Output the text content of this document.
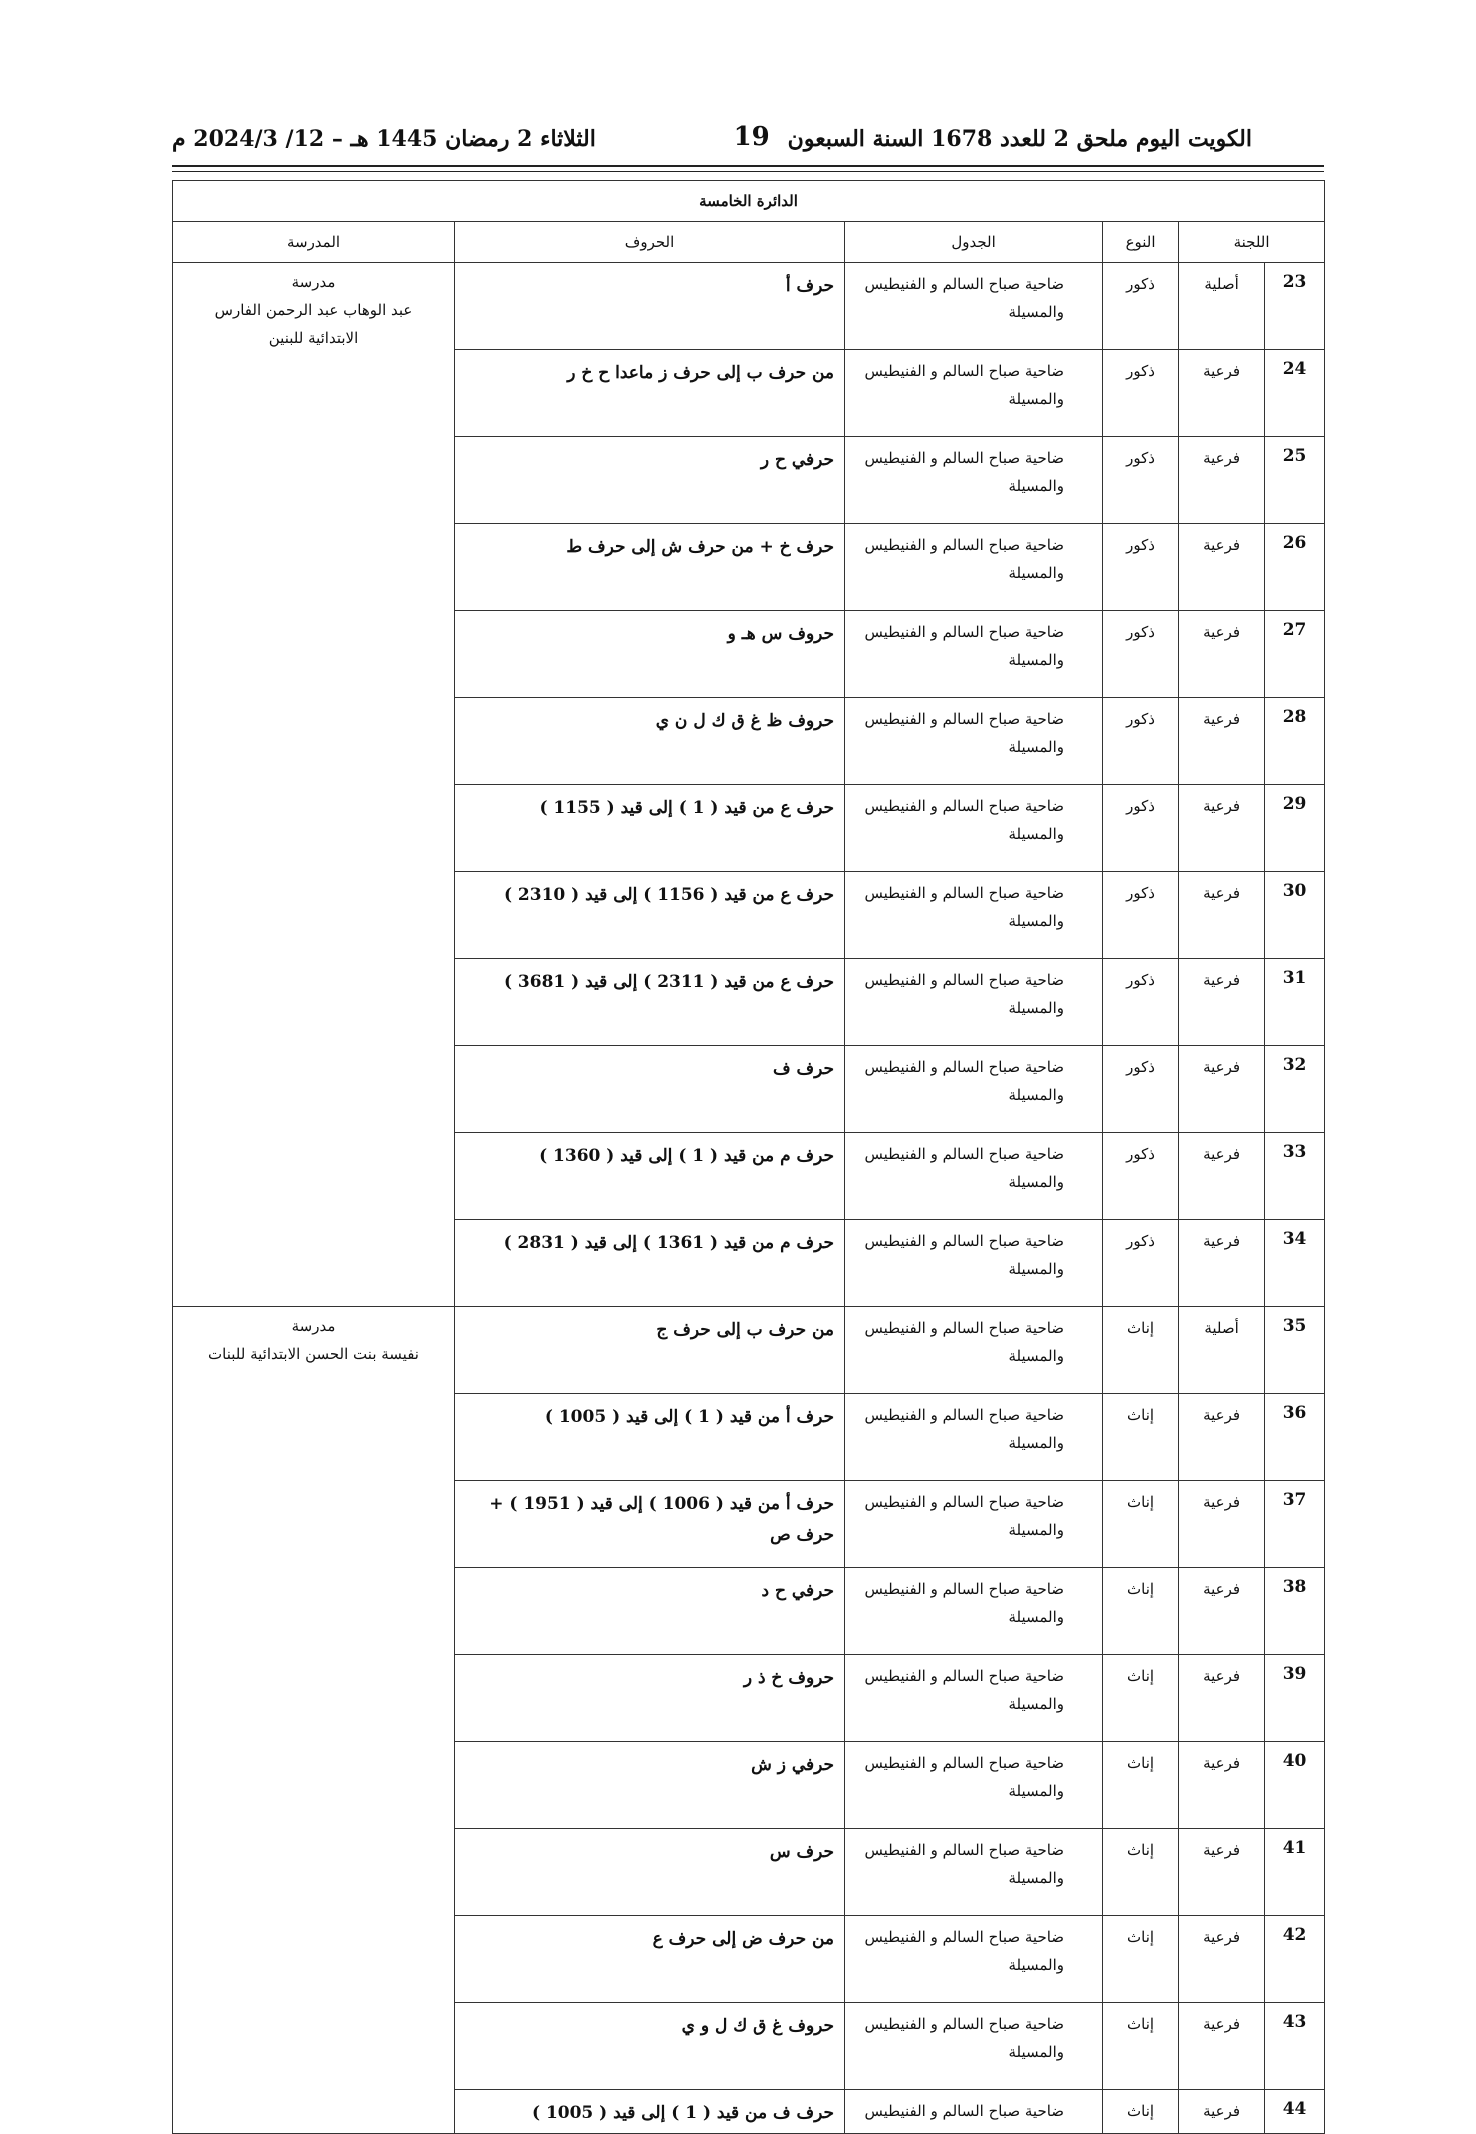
الكويت اليوم ملحق 2 للعدد 1678 السنة السبعون
19
الثلاثاء 2 رمضان 1445 هـ – 12/ 2024/3 م
الدائرة الخامسة					
اللجنة		النوع	الجدول	الحروف	المدرسة
23	أصلية	ذكور	ضاحية صباح السالم و الفنيطيس
والمسيلة	حرف أ	مدرسة
عبد الوهاب عبد الرحمن الفارس
الابتدائية للبنين

24	فرعية	ذكور	ضاحية صباح السالم و الفنيطيس
والمسيلة	من حرف ب إلى حرف ز ماعدا ح خ ر	
25	فرعية	ذكور	ضاحية صباح السالم و الفنيطيس
والمسيلة	حرفي ح ر	
26	فرعية	ذكور	ضاحية صباح السالم و الفنيطيس
والمسيلة	حرف خ + من حرف ش إلى حرف ط	
27	فرعية	ذكور	ضاحية صباح السالم و الفنيطيس
والمسيلة	حروف س هـ و	
28	فرعية	ذكور	ضاحية صباح السالم و الفنيطيس
والمسيلة	حروف ظ غ ق ك ل ن ي	
29	فرعية	ذكور	ضاحية صباح السالم و الفنيطيس
والمسيلة	حرف ع من قيد ( 1 ) إلى قيد ( 1155 )	
30	فرعية	ذكور	ضاحية صباح السالم و الفنيطيس
والمسيلة	حرف ع من قيد ( 1156 ) إلى قيد ( 2310 )	
31	فرعية	ذكور	ضاحية صباح السالم و الفنيطيس
والمسيلة	حرف ع من قيد ( 2311 ) إلى قيد ( 3681 )	
32	فرعية	ذكور	ضاحية صباح السالم و الفنيطيس
والمسيلة	حرف ف	
33	فرعية	ذكور	ضاحية صباح السالم و الفنيطيس
والمسيلة	حرف م من قيد ( 1 ) إلى قيد ( 1360 )	
34	فرعية	ذكور	ضاحية صباح السالم و الفنيطيس
والمسيلة	حرف م من قيد ( 1361 ) إلى قيد ( 2831 )	
35	أصلية	إناث	ضاحية صباح السالم و الفنيطيس
والمسيلة	من حرف ب إلى حرف ج	مدرسة
نفيسة بنت الحسن الابتدائية للبنات

36	فرعية	إناث	ضاحية صباح السالم و الفنيطيس
والمسيلة	حرف أ من قيد ( 1 ) إلى قيد ( 1005 )	
37	فرعية	إناث	ضاحية صباح السالم و الفنيطيس
والمسيلة	حرف أ من قيد ( 1006 ) إلى قيد ( 1951 ) + حرف ص	
38	فرعية	إناث	ضاحية صباح السالم و الفنيطيس
والمسيلة	حرفي ح د	
39	فرعية	إناث	ضاحية صباح السالم و الفنيطيس
والمسيلة	حروف خ ذ ر	
40	فرعية	إناث	ضاحية صباح السالم و الفنيطيس
والمسيلة	حرفي ز ش	
41	فرعية	إناث	ضاحية صباح السالم و الفنيطيس
والمسيلة	حرف س	
42	فرعية	إناث	ضاحية صباح السالم و الفنيطيس
والمسيلة	من حرف ض إلى حرف ع	
43	فرعية	إناث	ضاحية صباح السالم و الفنيطيس
والمسيلة	حروف غ ق ك ل و ي	
44	فرعية	إناث	ضاحية صباح السالم و الفنيطيس	حرف ف من قيد ( 1 ) إلى قيد ( 1005 )	
